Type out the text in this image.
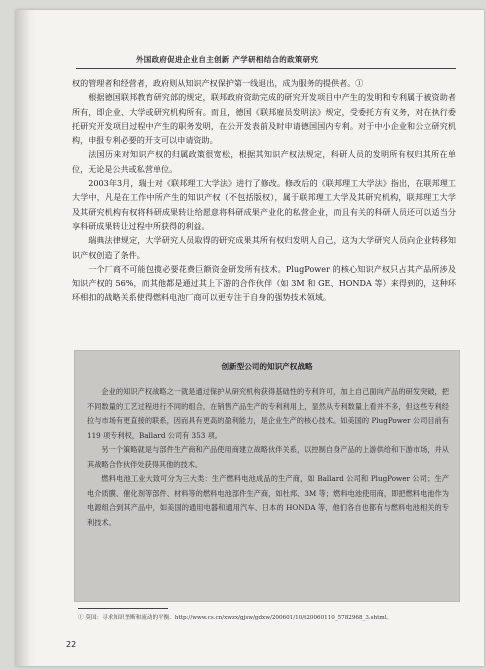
外国政府促进企业自主创新 产学研相结合的政策研究

权的管理者和经营者，政府则从知识产权保护第一线退出，成为服务的提供者。①

根据德国联邦教育研究部的规定，联邦政府资助完成的研究开发项目中产生的发明和专利属于被资助者所有，即企业、大学或研究机构所有。而且，德国《联邦雇员发明法》规定，受委托方有义务，对在执行委托研究开发项目过程中产生的职务发明，在公开发表前及时申请德国国内专利。对于中小企业和公立研究机构，申报专利必要的开支可以申请资助。

法国历来对知识产权的归属政策很宽松，根据其知识产权法规定，科研人员的发明所有权归其所在单位，无论是公共或私营单位。

2003年3月，瑞士对《联邦理工大学法》进行了修改。修改后的《联邦理工大学法》指出，在联邦理工大学中，凡是在工作中所产生的知识产权（不包括版权），属于联邦理工大学及其研究机构，联邦理工大学及其研究机构有权将科研成果转让给愿意将科研成果产业化的私营企业，而且有关的科研人员还可以适当分享科研成果转让过程中所获得的利益。

瑞典法律规定，大学研究人员取得的研究成果其所有权归发明人自己，这为大学研究人员向企业转移知识产权创造了条件。

一个厂商不可能包揽必要花费巨额资金研发所有技术。PlugPower 的核心知识产权只占其产品所涉及知识产权的 56%，而其他都是通过其上下游的合作伙伴（如 3M 和 GE、HONDA 等）来得到的，这种环环相扣的战略关系使得燃料电池厂商可以更专注于自身的强势技术领域。

创新型公司的知识产权战略

企业的知识产权战略之一就是通过保护从研究机构获得基础性的专利许可，加上自己面向产品的研发突破，把不同数量的工艺过程进行不同的组合，在销售产品生产的专利利用上，显然从专利数量上看并不多，但这些专利经拉与市场有更直接的联系，因而具有更高的盈利能力，是企业生产的核心技术。如美国的 PlugPower 公司目前有 119 项专利权，Ballard 公司有 353 项。

另一个策略就是与部件生产商和产品使用商建立战略伙伴关系，以控制自身产品的上游供给和下游市场，并从其战略合作伙伴处获得其他的技术。

燃料电池工业大致可分为三大类：生产燃料电池成品的生产商，如 Ballard 公司和 PlugPower 公司；生产电介质膜、催化剂等部件、材料等的燃料电池部件生产商，如杜邦、3M 等；燃料电池使用商，即把燃料电池作为电源组合到其产品中，如美国的通用电器和通用汽车、日本的 HONDA 等，他们各自也都有与燃料电池相关的专利技术。

① 莫国：寻求知识垄断和流动的平衡．http://www.cs.cn/xwzx/gjsw/gdxw/200601/10/t20060110_5782968_3.shtml。
22
